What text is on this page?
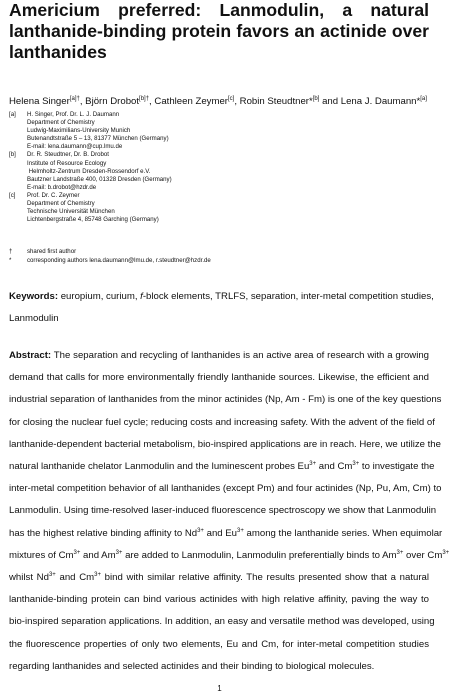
Americium preferred: Lanmodulin, a natural
lanthanide-binding protein favors an actinide over
lanthanides
Helena Singer$^{[a]\dagger}$, Björn Drobot$^{[b]\dagger}$, Cathleen Zeymer[c], Robin Steudtner*[b] and Lena J. Daumann*[a]
[a]	H. Singer, Prof. Dr. L. J. Daumann
Department of Chemistry
Ludwig-Maximilians-University Munich
Butenandtstraße 5 – 13, 81377 München (Germany)
E-mail: lena.daumann@cup.lmu.de
[b]	Dr. R. Steudtner, Dr. B. Drobot
Institute of Resource Ecology
Helmholtz-Zentrum Dresden-Rossendorf e.V.
Bautzner Landstraße 400, 01328 Dresden (Germany)
E-mail: b.drobot@hzdr.de
[c]	Prof. Dr. C. Zeymer
Department of Chemistry
Technische Universität München
Lichtenbergstraße 4, 85748 Garching (Germany)
†	shared first author
*	corresponding authors lena.daumann@lmu.de, r.steudtner@hzdr.de
Keywords: europium, curium, f-block elements, TRLFS, separation, inter-metal competition studies,
Lanmodulin
Abstract: The separation and recycling of lanthanides is an active area of research with a growing
demand that calls for more environmentally friendly lanthanide sources. Likewise, the efficient and
industrial separation of lanthanides from the minor actinides (Np, Am - Fm) is one of the key questions
for closing the nuclear fuel cycle; reducing costs and increasing safety. With the advent of the field of
lanthanide-dependent bacterial metabolism, bio-inspired applications are in reach. Here, we utilize the
natural lanthanide chelator Lanmodulin and the luminescent probes $Eu^{3+}$ and $Cm^{3+}$ to investigate the
inter-metal competition behavior of all lanthanides (except Pm) and four actinides (Np, Pu, Am, Cm) to
Lanmodulin. Using time-resolved laser-induced fluorescence spectroscopy we show that Lanmodulin
has the highest relative binding affinity to $Nd^{3+}$ and $Eu^{3+}$ among the lanthanide series. When equimolar
mixtures of $Cm^{3+}$ and $Am^{3+}$ are added to Lanmodulin, Lanmodulin preferentially binds to $Am^{3+}$ over $Cm^{3+}$
whilst $Nd^{3+}$ and $Cm^{3+}$ bind with similar relative affinity. The results presented show that a natural
lanthanide-binding protein can bind various actinides with high relative affinity, paving the way to
bio-inspired separation applications. In addition, an easy and versatile method was developed, using
the fluorescence properties of only two elements, Eu and Cm, for inter-metal competition studies
regarding lanthanides and selected actinides and their binding to biological molecules.
1
